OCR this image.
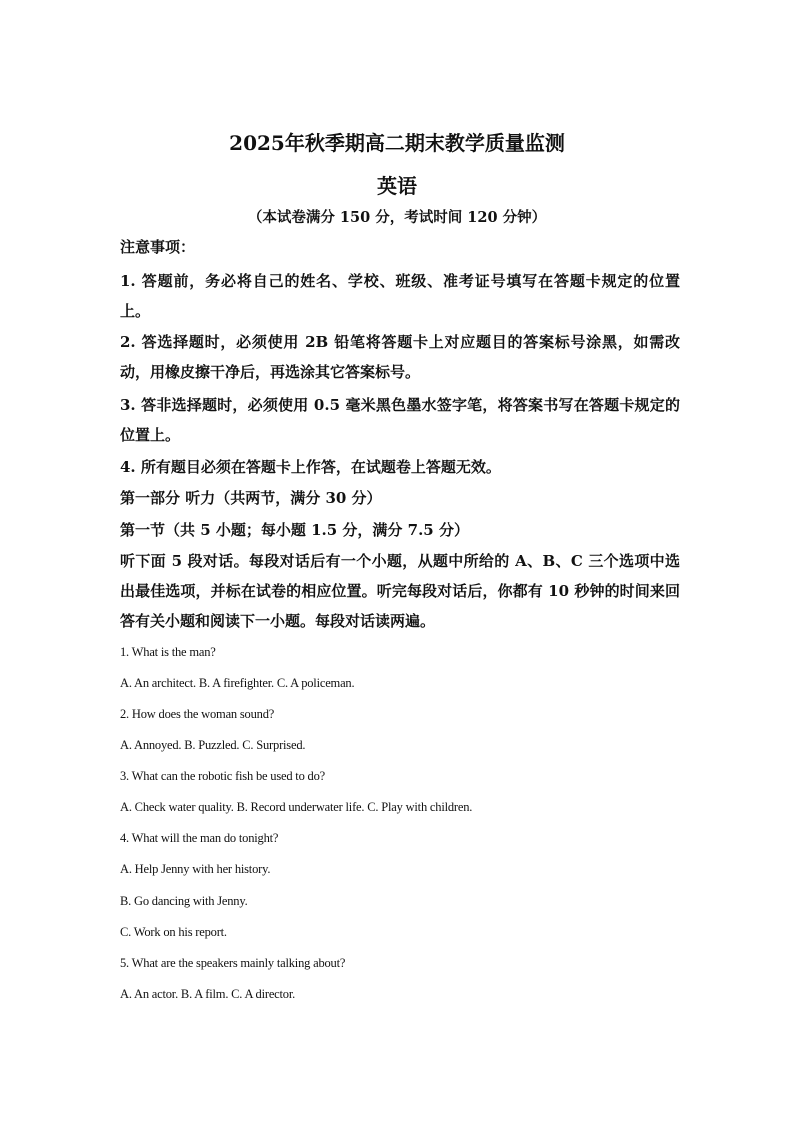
2025年秋季期高二期末教学质量监测
英语
（本试卷满分 150 分，考试时间 120 分钟）
注意事项：
1. 答题前，务必将自己的姓名、学校、班级、准考证号填写在答题卡规定的位置上。
2. 答选择题时，必须使用 2B 铅笔将答题卡上对应题目的答案标号涂黑，如需改动，用橡皮擦干净后，再选涂其它答案标号。
3. 答非选择题时，必须使用 0.5 毫米黑色墨水签字笔，将答案书写在答题卡规定的位置上。
4. 所有题目必须在答题卡上作答，在试题卷上答题无效。
第一部分 听力（共两节，满分 30 分）
第一节（共 5 小题；每小题 1.5 分，满分 7.5 分）
听下面 5 段对话。每段对话后有一个小题，从题中所给的 A、B、C 三个选项中选出最佳选项，并标在试卷的相应位置。听完每段对话后，你都有 10 秒钟的时间来回答有关小题和阅读下一小题。每段对话读两遍。
1. What is the man?
A. An architect. B. A firefighter. C. A policeman.
2. How does the woman sound?
A. Annoyed. B. Puzzled. C. Surprised.
3. What can the robotic fish be used to do?
A. Check water quality. B. Record underwater life. C. Play with children.
4. What will the man do tonight?
A. Help Jenny with her history.
B. Go dancing with Jenny.
C. Work on his report.
5. What are the speakers mainly talking about?
A. An actor. B. A film. C. A director.
